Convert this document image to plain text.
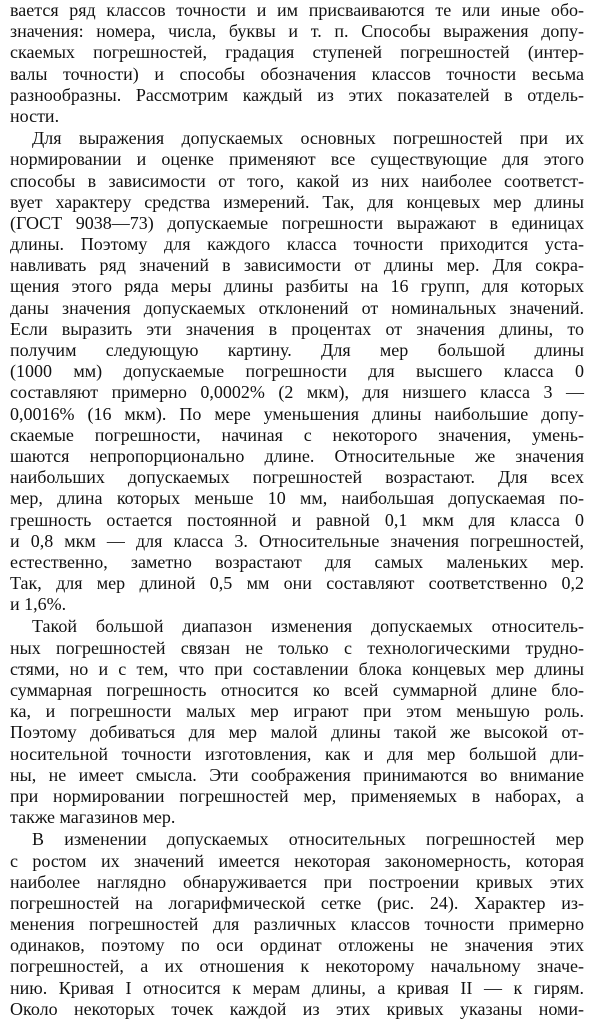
вается ряд классов точности и им присваиваются те или иные обо-
значения: номера, числа, буквы и т. п. Способы выражения допу-
скаемых погрешностей, градация ступеней погрешностей (интер-
валы точности) и способы обозначения классов точности весьма
разнообразны. Рассмотрим каждый из этих показателей в отдель-
ности.
Для выражения допускаемых основных погрешностей при их
нормировании и оценке применяют все существующие для этого
способы в зависимости от того, какой из них наиболее соответст-
вует характеру средства измерений. Так, для концевых мер длины
(ГОСТ 9038—73) допускаемые погрешности выражают в единицах
длины. Поэтому для каждого класса точности приходится уста-
навливать ряд значений в зависимости от длины мер. Для сокра-
щения этого ряда меры длины разбиты на 16 групп, для которых
даны значения допускаемых отклонений от номинальных значений.
Если выразить эти значения в процентах от значения длины, то
получим следующую картину. Для мер большой длины
(1000 мм) допускаемые погрешности для высшего класса 0
составляют примерно 0,0002% (2 мкм), для низшего класса 3 —
0,0016% (16 мкм). По мере уменьшения длины наибольшие допу-
скаемые погрешности, начиная с некоторого значения, умень-
шаются непропорционально длине. Относительные же значения
наибольших допускаемых погрешностей возрастают. Для всех
мер, длина которых меньше 10 мм, наибольшая допускаемая по-
грешность остается постоянной и равной 0,1 мкм для класса 0
и 0,8 мкм — для класса 3. Относительные значения погрешностей,
естественно, заметно возрастают для самых маленьких мер.
Так, для мер длиной 0,5 мм они составляют соответственно 0,2
и 1,6%.
Такой большой диапазон изменения допускаемых относитель-
ных погрешностей связан не только с технологическими трудно-
стями, но и с тем, что при составлении блока концевых мер длины
суммарная погрешность относится ко всей суммарной длине бло-
ка, и погрешности малых мер играют при этом меньшую роль.
Поэтому добиваться для мер малой длины такой же высокой от-
носительной точности изготовления, как и для мер большой дли-
ны, не имеет смысла. Эти соображения принимаются во внимание
при нормировании погрешностей мер, применяемых в наборах, а
также магазинов мер.
В изменении допускаемых относительных погрешностей мер
с ростом их значений имеется некоторая закономерность, которая
наиболее наглядно обнаруживается при построении кривых этих
погрешностей на логарифмической сетке (рис. 24). Характер из-
менения погрешностей для различных классов точности примерно
одинаков, поэтому по оси ординат отложены не значения этих
погрешностей, а их отношения к некоторому начальному значе-
нию. Кривая I относится к мерам длины, а кривая II — к гирям.
Около некоторых точек каждой из этих кривых указаны номи-
